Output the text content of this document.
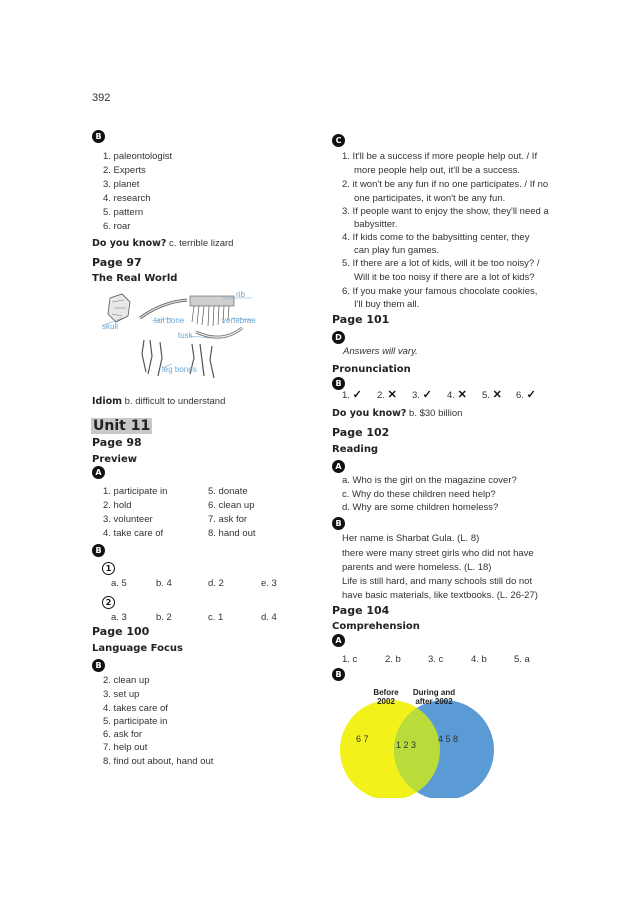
392
B
1. paleontologist
2. Experts
3. planet
4. research
5. pattern
6. roar
Do you know? c. terrible lizard
Page 97
The Real World
rib
skull
tail bone	vertebrae
tusk
leg bones
Idiom b. difficult to understand
Unit 11
Page 98
Preview
A
1. participate in
2. hold
3. volunteer
4. take care of
5. donate
6. clean up
7. ask for
8. hand out
B
1
a. 5	b. 4	d. 2	e. 3
2
a. 3	b. 2	c. 1	d. 4
Page 100
Language Focus
B
2. clean up
3. set up
4. takes care of
5. participate in
6. ask for
7. help out
8. find out about, hand out
C
1. It'll be a success if more people help out. / If
more people help out, it'll be a success.
2. it won't be any fun if no one participates. / If no
one participates, it won't be any fun.
3. If people want to enjoy the show, they'll need a
babysitter.
4. If kids come to the babysitting center, they
can play fun games.
5. If there are a lot of kids, will it be too noisy? /
Will it be too noisy if there are a lot of kids?
6. If you make your famous chocolate cookies,
I'll buy them all.
Page 101
D
Answers will vary.
Pronunciation
B
1. ✓ 2. ✕ 3. ✓ 4. ✕ 5. ✕ 6. ✓
Do you know? b. $30 billion
Page 102
Reading
A
a. Who is the girl on the magazine cover?
c. Why do these children need help?
d. Why are some children homeless?
B
Her name is Sharbat Gula. (L. 8)
there were many street girls who did not have
parents and were homeless. (L. 18)
Life is still hard, and many schools still do not
have basic materials, like textbooks. (L. 26-27)
Page 104
Comprehension
A
1. c	2. b	3. c	4. b	5. a
B
Before
2002
During and
after 2002
6 7
1 2 3
4 5 8
